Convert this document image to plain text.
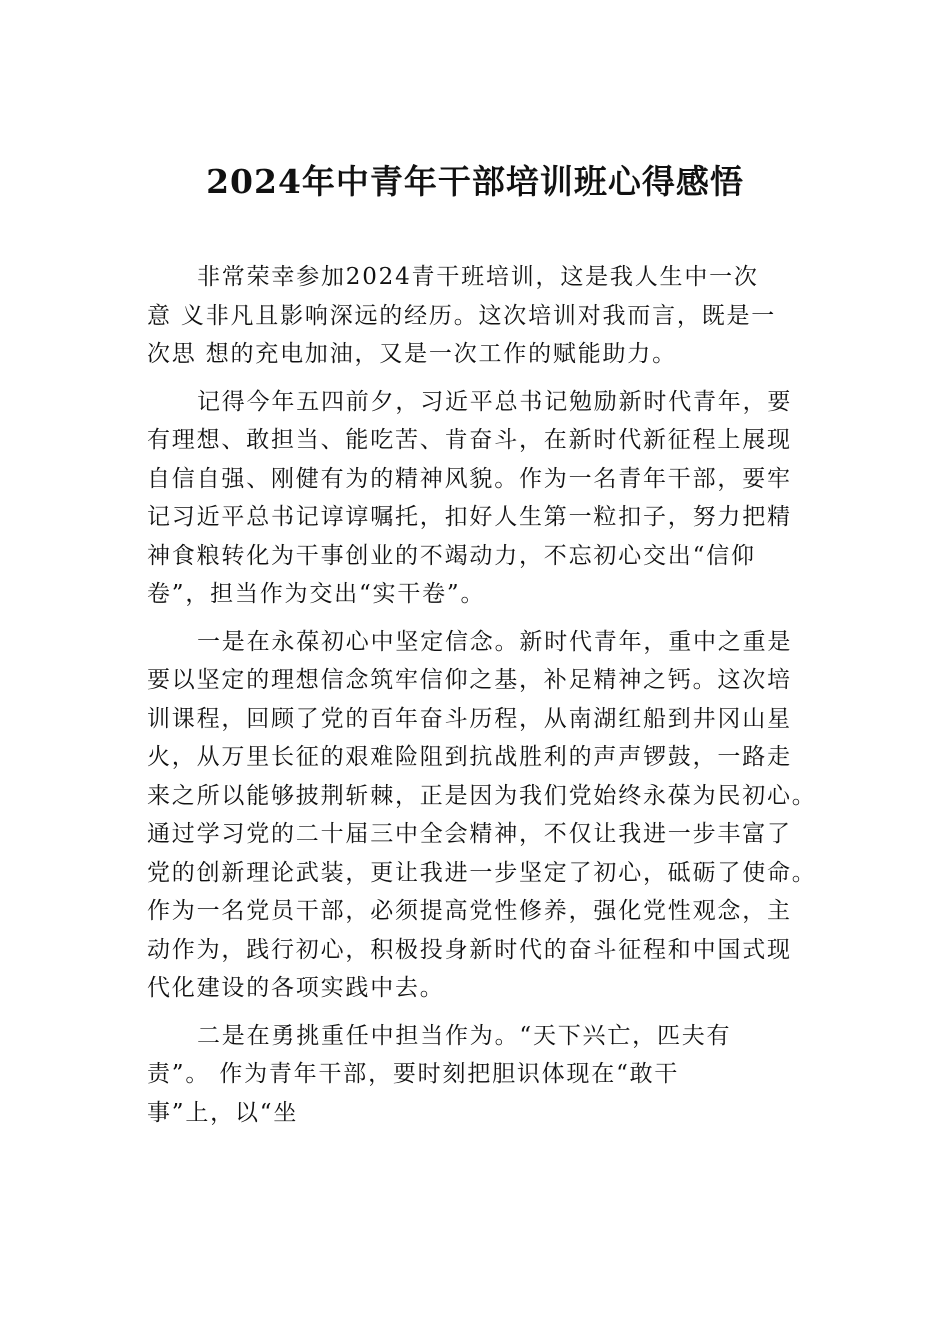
2024年中青年干部培训班心得感悟
非常荣幸参加2024青干班培训，这是我人生中一次
意 义非凡且影响深远的经历。这次培训对我而言，既是一
次思 想的充电加油，又是一次工作的赋能助力。
记得今年五四前夕，习近平总书记勉励新时代青年，要
有理想、敢担当、能吃苦、肯奋斗，在新时代新征程上展现
自信自强、刚健有为的精神风貌。作为一名青年干部，要牢
记习近平总书记谆谆嘱托，扣好人生第一粒扣子，努力把精
神食粮转化为干事创业的不竭动力，不忘初心交出“信仰
卷”，担当作为交出“实干卷”。
一是在永葆初心中坚定信念。新时代青年，重中之重是
要以坚定的理想信念筑牢信仰之基，补足精神之钙。这次培
训课程，回顾了党的百年奋斗历程，从南湖红船到井冈山星
火，从万里长征的艰难险阻到抗战胜利的声声锣鼓，一路走
来之所以能够披荆斩棘，正是因为我们党始终永葆为民初心。
通过学习党的二十届三中全会精神，不仅让我进一步丰富了
党的创新理论武装，更让我进一步坚定了初心，砥砺了使命。
作为一名党员干部，必须提高党性修养，强化党性观念，主
动作为，践行初心，积极投身新时代的奋斗征程和中国式现
代化建设的各项实践中去。
二是在勇挑重任中担当作为。“天下兴亡，匹夫有
责”。 作为青年干部，要时刻把胆识体现在“敢干
事”上，以“坐
